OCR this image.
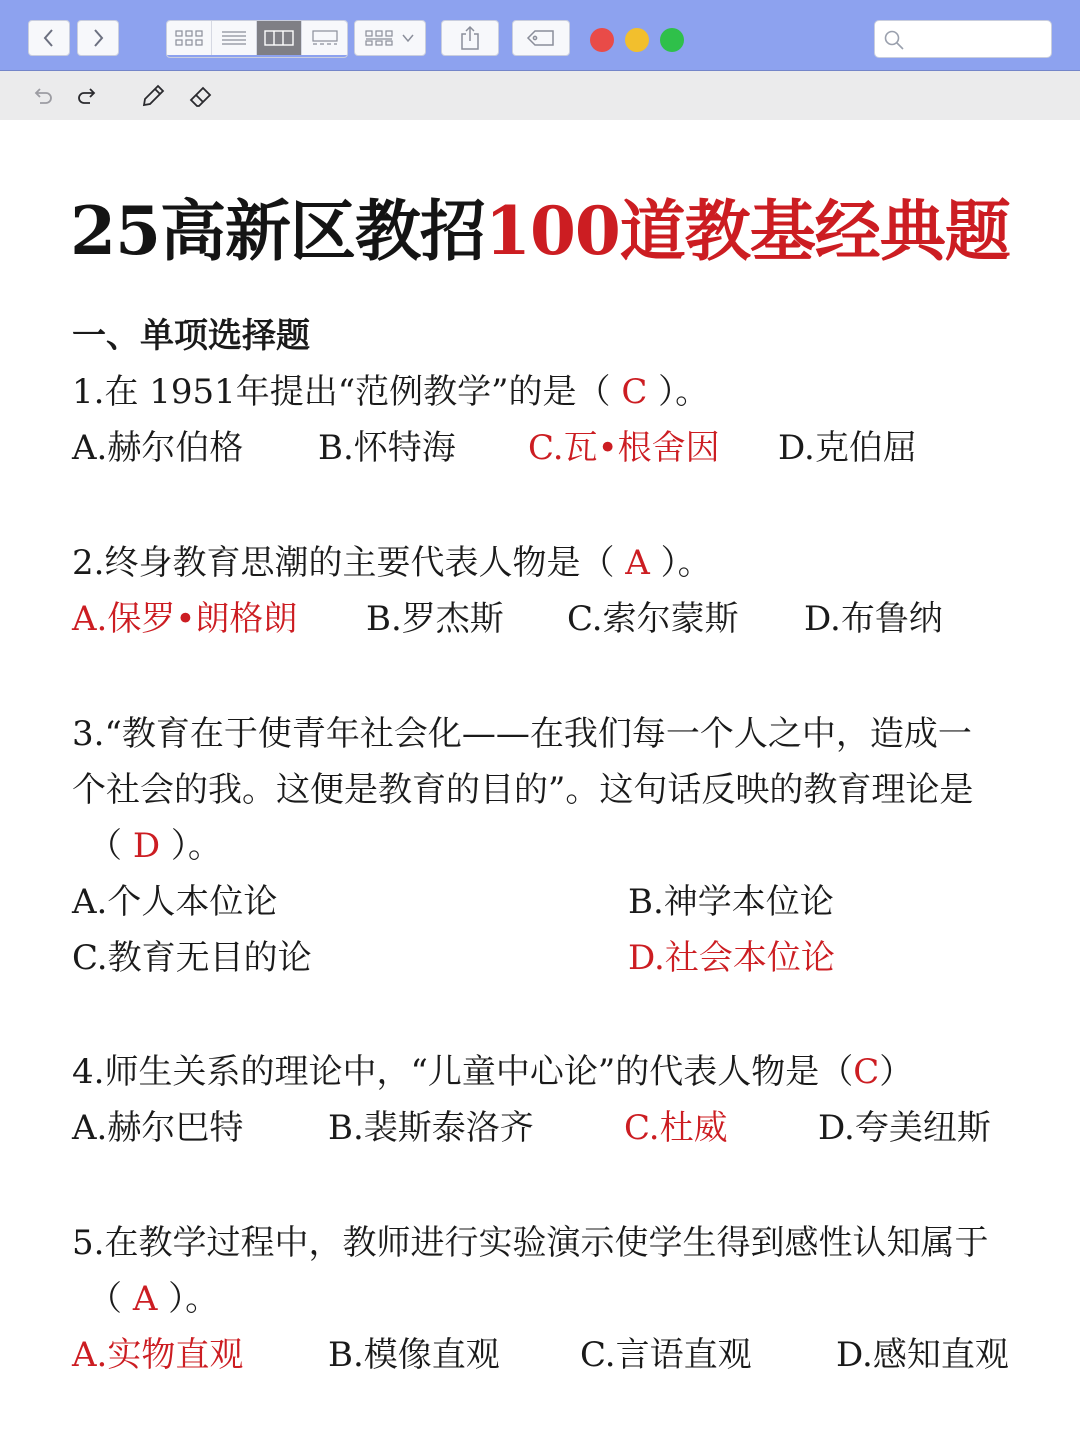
25高新区教招100道教基经典题
一、单项选择题
1.在 1951年提出“范例教学”的是（ C ）。
A.赫尔伯格 B.怀特海 C.瓦•根舍因 D.克伯屈
2.终身教育思潮的主要代表人物是（ A ）。
A.保罗•朗格朗 B.罗杰斯 C.索尔蒙斯 D.布鲁纳
3.“教育在于使青年社会化——在我们每一个人之中，造成一
个社会的我。这便是教育的目的”。这句话反映的教育理论是
（ D ）。
A.个人本位论	B.神学本位论
C.教育无目的论	D.社会本位论
4.师生关系的理论中，“儿童中心论”的代表人物是（C）
A.赫尔巴特 B.裴斯泰洛齐	C.杜威	D.夸美纽斯
5.在教学过程中，教师进行实验演示使学生得到感性认知属于
（ A ）。
A.实物直观 B.模像直观 C.言语直观 D.感知直观
